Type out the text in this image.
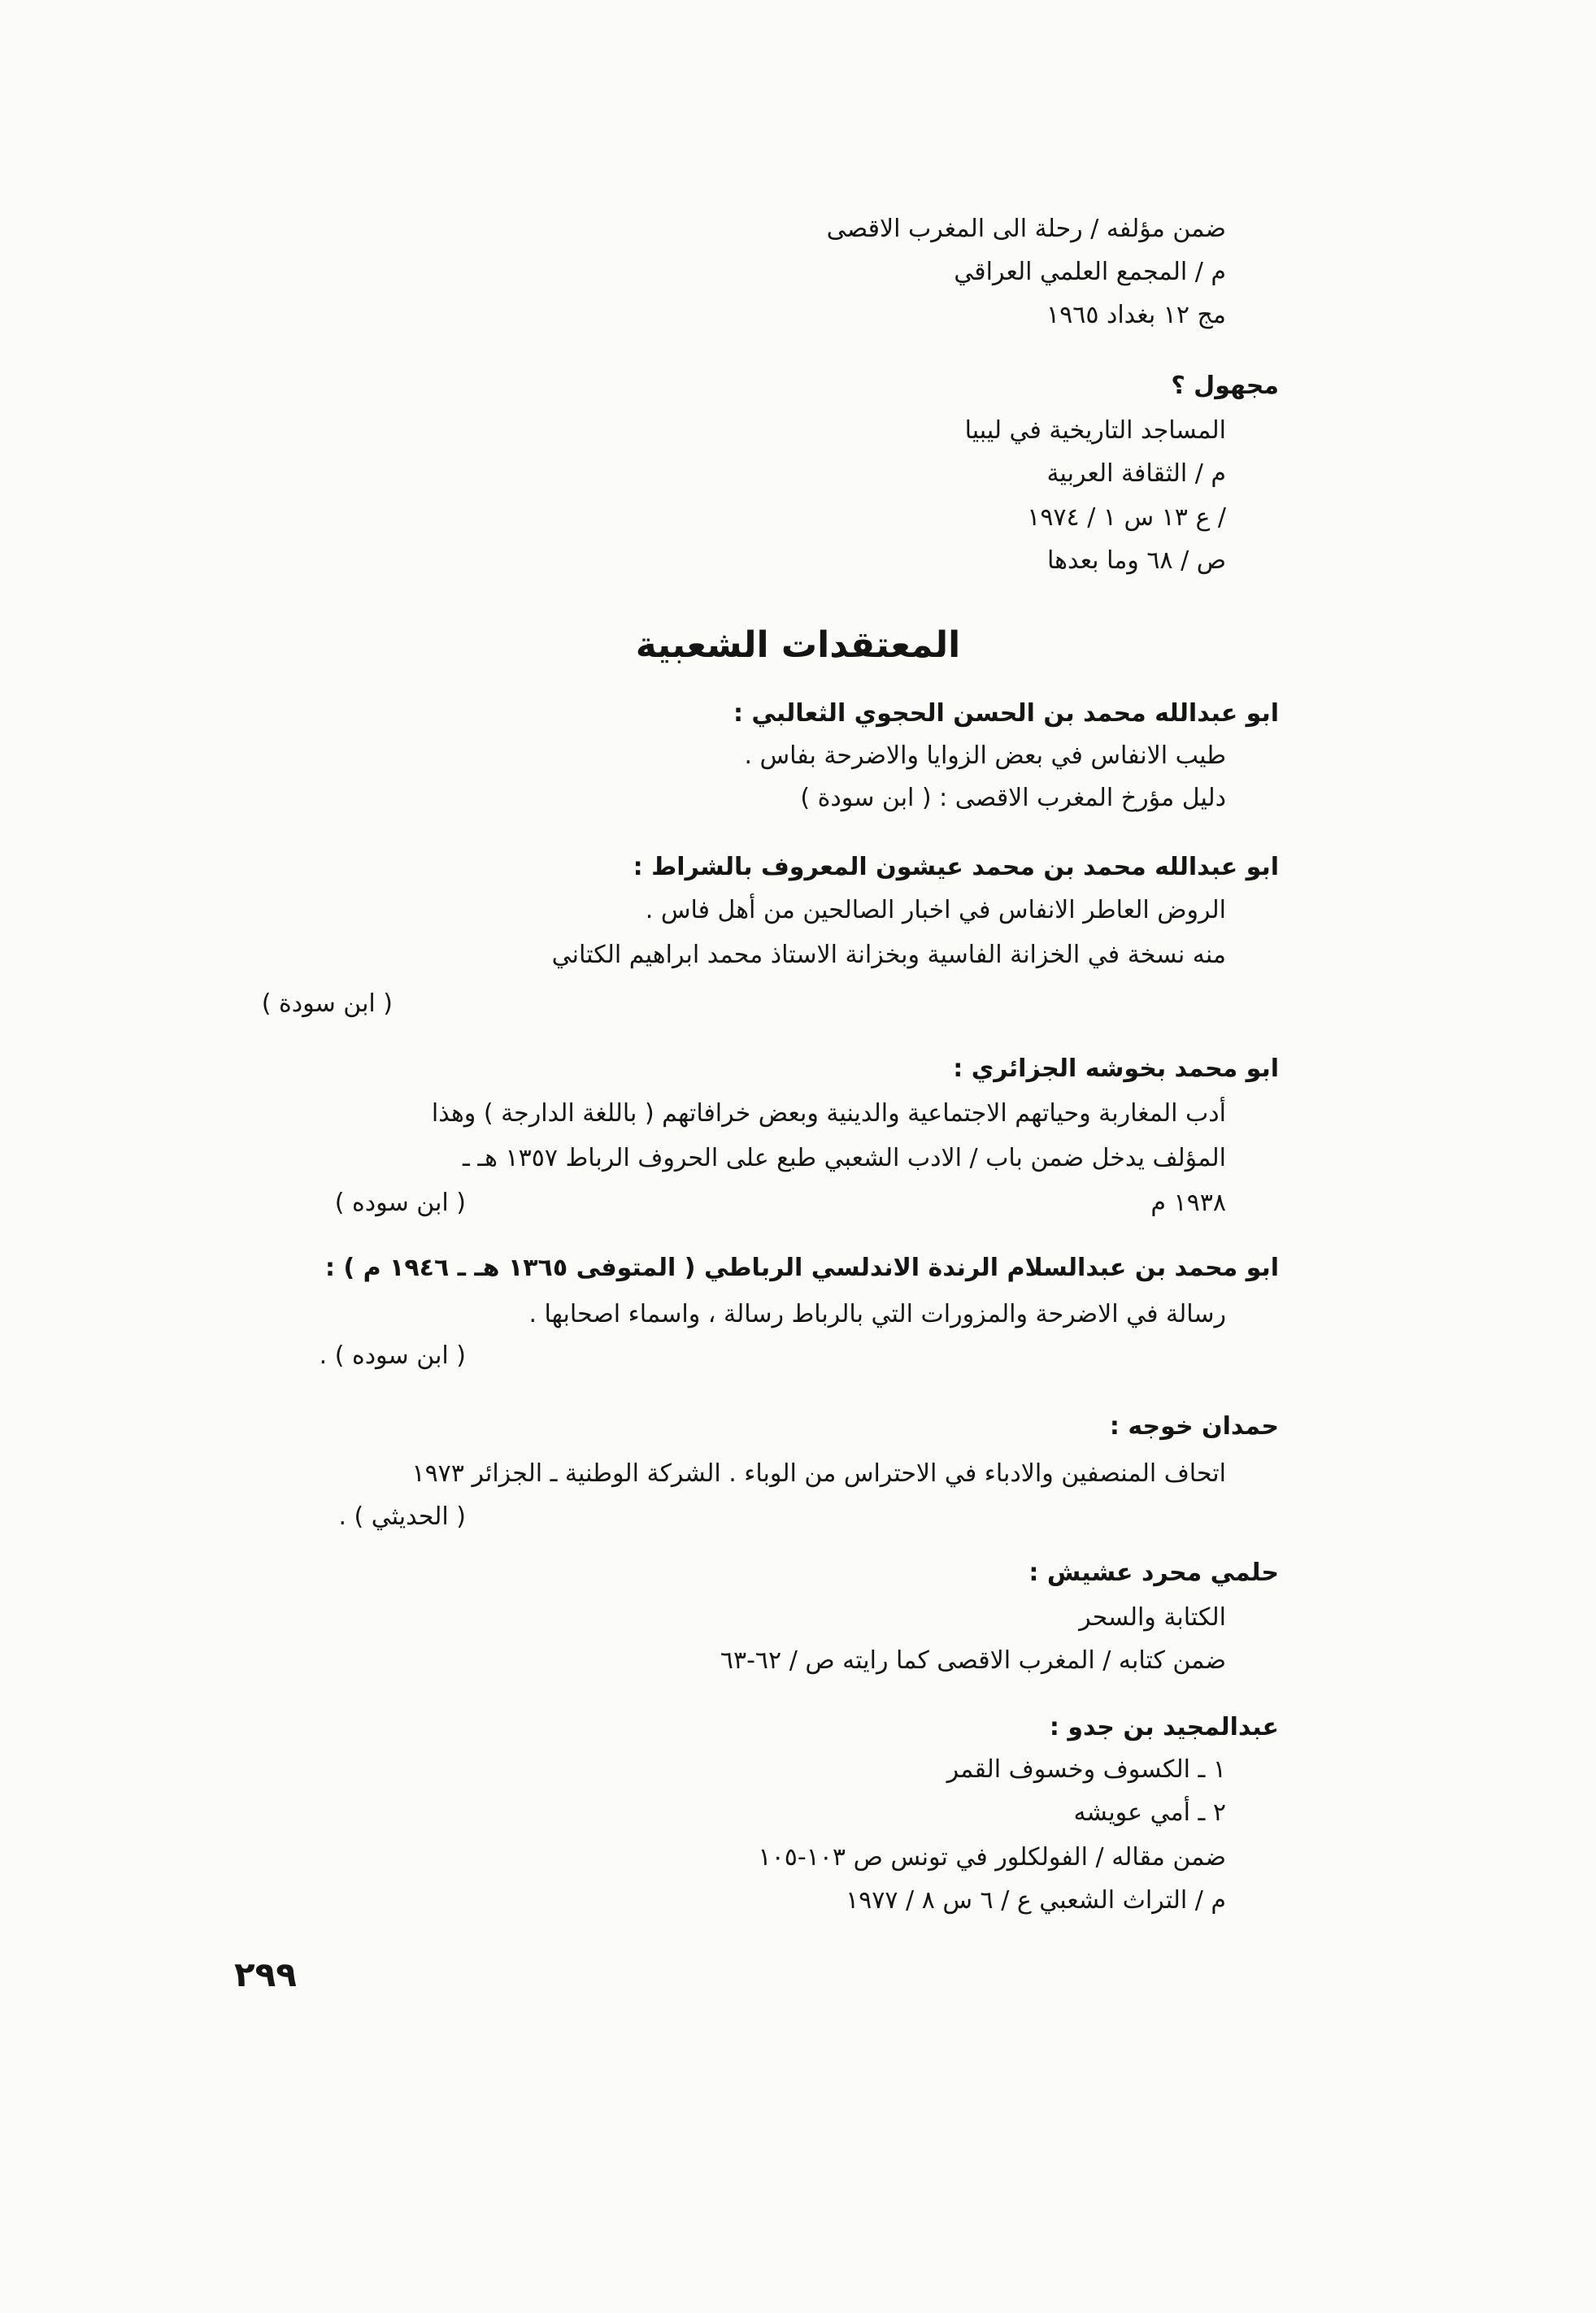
ضمن مؤلفه / رحلة الى المغرب الاقصى
م / المجمع العلمي العراقي
مج ١٢ بغداد ١٩٦٥
مجهول ؟
المساجد التاريخية في ليبيا
م / الثقافة العربية
/ ع ١٣ س ١ / ١٩٧٤
ص / ٦٨ وما بعدها
المعتقدات الشعبية
ابو عبدالله محمد بن الحسن الحجوي الثعالبي :
طيب الانفاس في بعض الزوايا والاضرحة بفاس .
دليل مؤرخ المغرب الاقصى : ( ابن سودة )
ابو عبدالله محمد بن محمد عيشون المعروف بالشراط :
الروض العاطر الانفاس في اخبار الصالحين من أهل فاس .
منه نسخة في الخزانة الفاسية وبخزانة الاستاذ محمد ابراهيم الكتاني
( ابن سودة )
ابو محمد بخوشه الجزائري :
أدب المغاربة وحياتهم الاجتماعية والدينية وبعض خرافاتهم ( باللغة الدارجة ) وهذا
المؤلف يدخل ضمن باب / الادب الشعبي طبع على الحروف الرباط ١٣٥٧ هـ ـ
١٩٣٨ م
( ابن سوده )
ابو محمد بن عبدالسلام الرندة الاندلسي الرباطي ( المتوفى ١٣٦٥ هـ ـ ١٩٤٦ م ) :
رسالة في الاضرحة والمزورات التي بالرباط رسالة ، واسماء اصحابها .
( ابن سوده ) .
حمدان خوجه :
اتحاف المنصفين والادباء في الاحتراس من الوباء . الشركة الوطنية ـ الجزائر ١٩٧٣
( الحديثي ) .
حلمي محرد عشيش :
الكتابة والسحر
ضمن كتابه / المغرب الاقصى كما رايته ص / ٦٢-٦٣
عبدالمجيد بن جدو :
١ ـ الكسوف وخسوف القمر
٢ ـ أمي عويشه
ضمن مقاله / الفولكلور في تونس ص ١٠٣-١٠٥
م / التراث الشعبي ع / ٦ س ٨ / ١٩٧٧
٢٩٩
